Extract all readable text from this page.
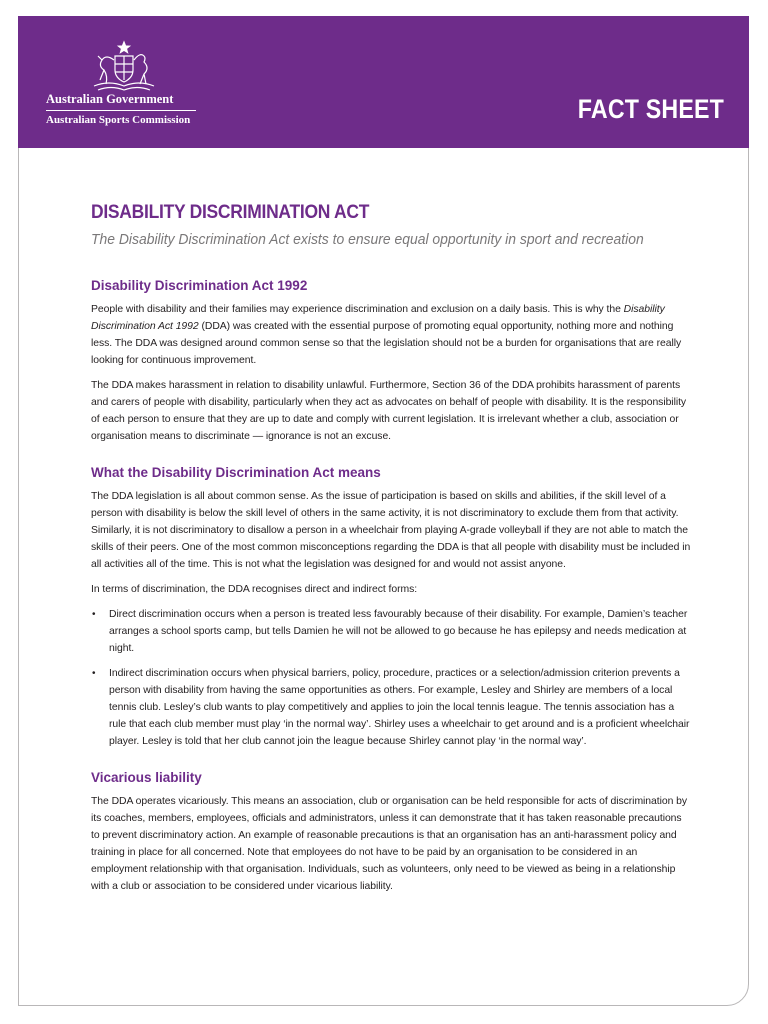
Australian Government
Australian Sports Commission	FACT SHEET
DISABILITY DISCRIMINATION ACT
The Disability Discrimination Act exists to ensure equal opportunity in sport and recreation
Disability Discrimination Act 1992

People with disability and their families may experience discrimination and exclusion on a daily basis. This is why the Disability Discrimination Act 1992 (DDA) was created with the essential purpose of promoting equal opportunity, nothing more and nothing less. The DDA was designed around common sense so that the legislation should not be a burden for organisations that are really looking for continuous improvement.

The DDA makes harassment in relation to disability unlawful. Furthermore, Section 36 of the DDA prohibits harassment of parents and carers of people with disability, particularly when they act as advocates on behalf of people with disability. It is the responsibility of each person to ensure that they are up to date and comply with current legislation. It is irrelevant whether a club, association or organisation means to discriminate — ignorance is not an excuse.

What the Disability Discrimination Act means

The DDA legislation is all about common sense. As the issue of participation is based on skills and abilities, if the skill level of a person with disability is below the skill level of others in the same activity, it is not discriminatory to exclude them from that activity. Similarly, it is not discriminatory to disallow a person in a wheelchair from playing A-grade volleyball if they are not able to match the skills of their peers. One of the most common misconceptions regarding the DDA is that all people with disability must be included in all activities all of the time. This is not what the legislation was designed for and would not assist anyone.

In terms of discrimination, the DDA recognises direct and indirect forms:

• Direct discrimination occurs when a person is treated less favourably because of their disability. For example, Damien’s teacher arranges a school sports camp, but tells Damien he will not be allowed to go because he has epilepsy and needs medication at night.
• Indirect discrimination occurs when physical barriers, policy, procedure, practices or a selection/admission criterion prevents a person with disability from having the same opportunities as others. For example, Lesley and Shirley are members of a local tennis club. Lesley’s club wants to play competitively and applies to join the local tennis league. The tennis association has a rule that each club member must play ‘in the normal way’. Shirley uses a wheelchair to get around and is a proficient wheelchair player. Lesley is told that her club cannot join the league because Shirley cannot play ‘in the normal way’.
Vicarious liability

The DDA operates vicariously. This means an association, club or organisation can be held responsible for acts of discrimination by its coaches, members, employees, officials and administrators, unless it can demonstrate that it has taken reasonable precautions to prevent discriminatory action. An example of reasonable precautions is that an organisation has an anti-harassment policy and training in place for all concerned. Note that employees do not have to be paid by an organisation to be considered in an employment relationship with that organisation. Individuals, such as volunteers, only need to be viewed as being in a relationship with a club or association to be considered under vicarious liability.
